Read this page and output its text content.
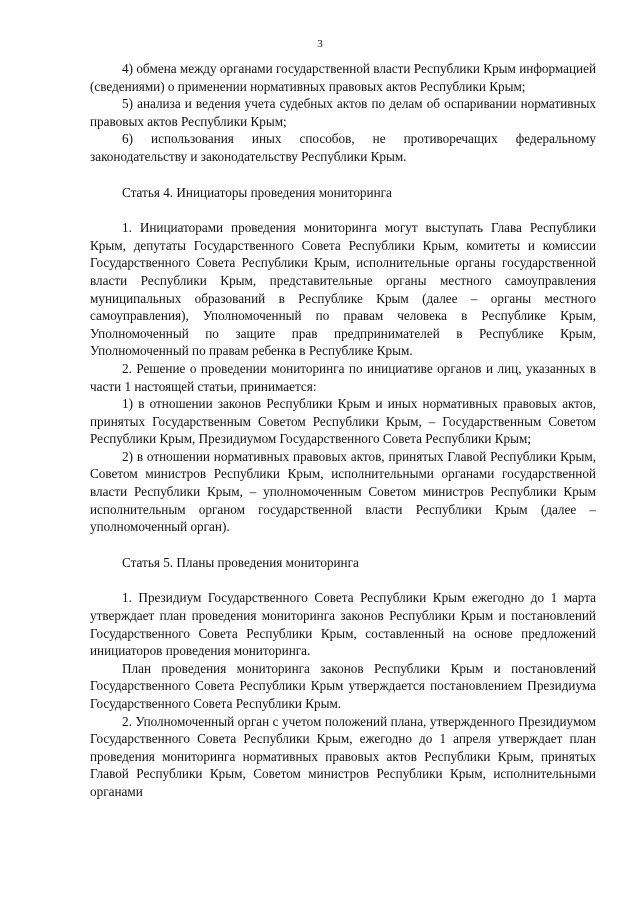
3

4) обмена между органами государственной власти Республики Крым информацией (сведениями) о применении нормативных правовых актов Республики Крым;

5) анализа и ведения учета судебных актов по делам об оспаривании нормативных правовых актов Республики Крым;

6) использования иных способов, не противоречащих федеральному законодательству и законодательству Республики Крым.

Статья 4. Инициаторы проведения мониторинга

1. Инициаторами проведения мониторинга могут выступать Глава Республики Крым, депутаты Государственного Совета Республики Крым, комитеты и комиссии Государственного Совета Республики Крым, исполнительные органы государственной власти Республики Крым, представительные органы местного самоуправления муниципальных образований в Республике Крым (далее – органы местного самоуправления), Уполномоченный по правам человека в Республике Крым, Уполномоченный по защите прав предпринимателей в Республике Крым, Уполномоченный по правам ребенка в Республике Крым.

2. Решение о проведении мониторинга по инициативе органов и лиц, указанных в части 1 настоящей статьи, принимается:

1) в отношении законов Республики Крым и иных нормативных правовых актов, принятых Государственным Советом Республики Крым, – Государственным Советом Республики Крым, Президиумом Государственного Совета Республики Крым;

2) в отношении нормативных правовых актов, принятых Главой Республики Крым, Советом министров Республики Крым, исполнительными органами государственной власти Республики Крым, – уполномоченным Советом министров Республики Крым исполнительным органом государственной власти Республики Крым (далее – уполномоченный орган).

Статья 5. Планы проведения мониторинга

1. Президиум Государственного Совета Республики Крым ежегодно до 1 марта утверждает план проведения мониторинга законов Республики Крым и постановлений Государственного Совета Республики Крым, составленный на основе предложений инициаторов проведения мониторинга.

План проведения мониторинга законов Республики Крым и постановлений Государственного Совета Республики Крым утверждается постановлением Президиума Государственного Совета Республики Крым.

2. Уполномоченный орган с учетом положений плана, утвержденного Президиумом Государственного Совета Республики Крым, ежегодно до 1 апреля утверждает план проведения мониторинга нормативных правовых актов Республики Крым, принятых Главой Республики Крым, Советом министров Республики Крым, исполнительными органами
